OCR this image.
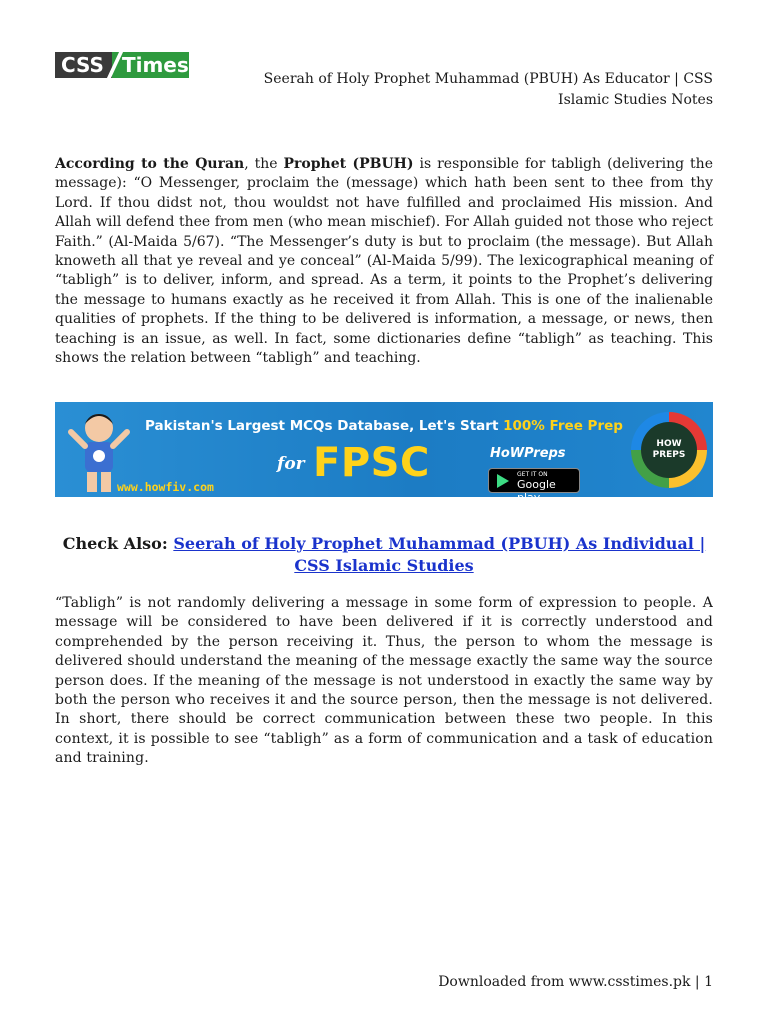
CSS Times
Seerah of Holy Prophet Muhammad (PBUH) As Educator | CSS Islamic Studies Notes

According to the Quran, the Prophet (PBUH) is responsible for tabligh (delivering the message): “O Messenger, proclaim the (message) which hath been sent to thee from thy Lord. If thou didst not, thou wouldst not have fulfilled and proclaimed His mission. And Allah will defend thee from men (who mean mischief). For Allah guided not those who reject Faith.” (Al-Maida 5/67). “The Messenger’s duty is but to proclaim (the message). But Allah knoweth all that ye reveal and ye conceal” (Al-Maida 5/99). The lexicographical meaning of “tabligh” is to deliver, inform, and spread. As a term, it points to the Prophet’s delivering the message to humans exactly as he received it from Allah. This is one of the inalienable qualities of prophets. If the thing to be delivered is information, a message, or news, then teaching is an issue, as well. In fact, some dictionaries define “tabligh” as teaching. This shows the relation between “tabligh” and teaching.

Pakistan's Largest MCQs Database, Let's Start 100% Free Prep
for FPSC
www.howfiv.com
HoWPreps
GET IT ON
Google play
HOW
PREPS
Check Also: Seerah of Holy Prophet Muhammad (PBUH) As Individual | CSS Islamic Studies

“Tabligh” is not randomly delivering a message in some form of expression to people. A message will be considered to have been delivered if it is correctly understood and comprehended by the person receiving it. Thus, the person to whom the message is delivered should understand the meaning of the message exactly the same way the source person does. If the meaning of the message is not understood in exactly the same way by both the person who receives it and the source person, then the message is not delivered. In short, there should be correct communication between these two people. In this context, it is possible to see “tabligh” as a form of communication and a task of education and training.

Downloaded from www.csstimes.pk | 1
